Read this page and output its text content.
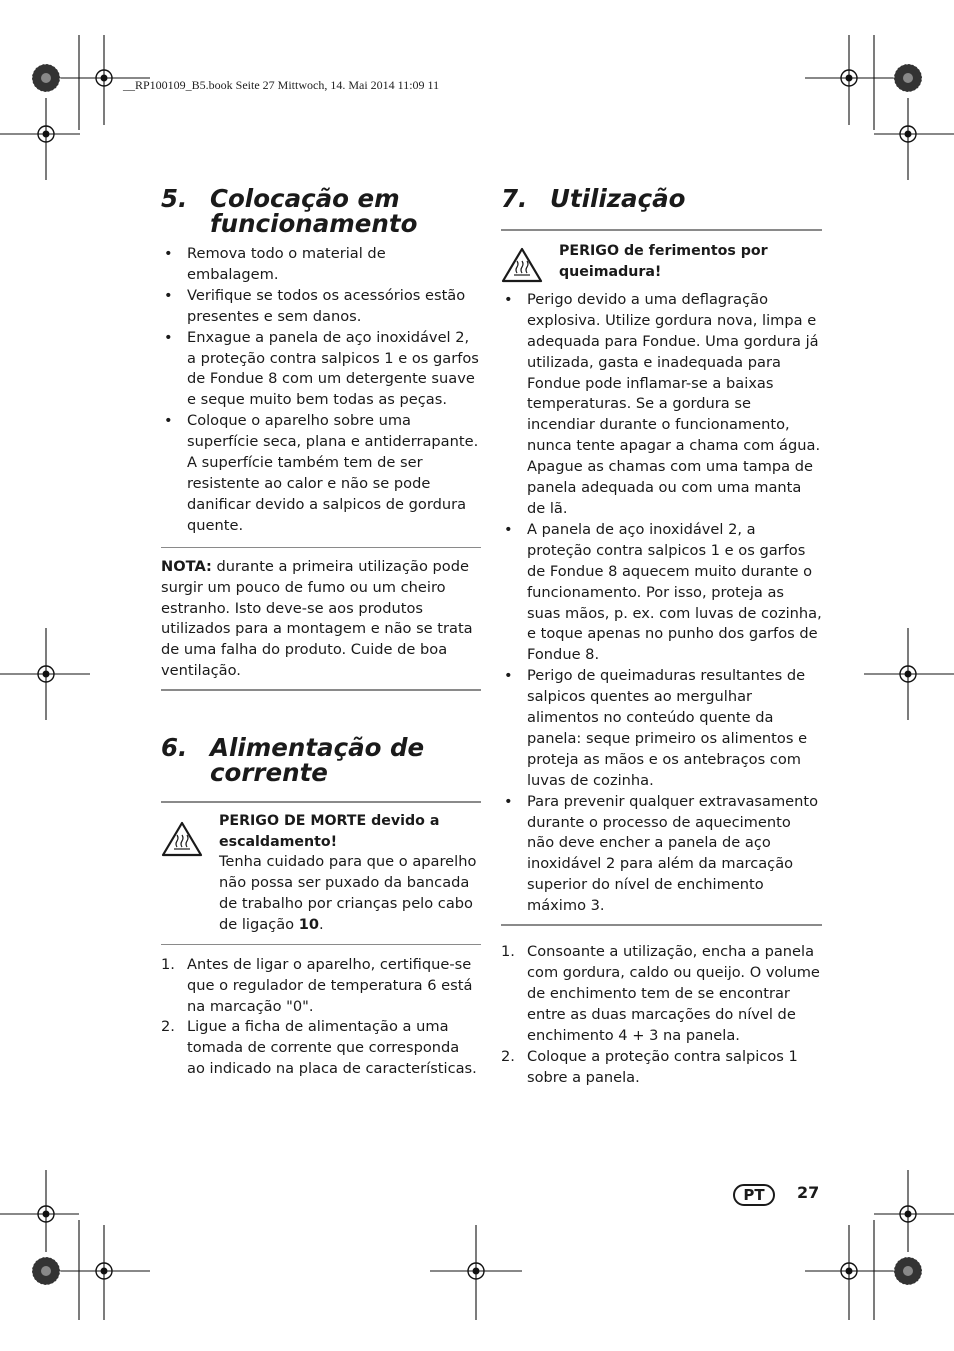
__RP100109_B5.book Seite 27 Mittwoch, 14. Mai 2014 11:09 11
5. Colocação em funcionamento
• Remova todo o material de embalagem.
• Verifique se todos os acessórios estão presentes e sem danos.
• Enxague a panela de aço inoxidável 2, a proteção contra salpicos 1 e os garfos de Fondue 8 com um detergente suave e seque muito bem todas as peças.
• Coloque o aparelho sobre uma superfície seca, plana e antiderrapante. A superfície também tem de ser resistente ao calor e não se pode danificar devido a salpicos de gordura quente.

NOTA: durante a primeira utilização pode surgir um pouco de fumo ou um cheiro estranho. Isto deve-se aos produtos utilizados para a montagem e não se trata de uma falha do produto. Cuide de boa ventilação.

6. Alimentação de corrente
PERIGO DE MORTE devido a escaldamento!
Tenha cuidado para que o aparelho não possa ser puxado da bancada de trabalho por crianças pelo cabo de ligação 10.
1. Antes de ligar o aparelho, certifique-se que o regulador de temperatura 6 está na marcação "0".
2. Ligue a ficha de alimentação a uma tomada de corrente que corresponda ao indicado na placa de características.
7. Utilização
PERIGO de ferimentos por queimadura!
• Perigo devido a uma deflagração explosiva. Utilize gordura nova, limpa e adequada para Fondue. Uma gordura já utilizada, gasta e inadequada para Fondue pode inflamar-se a baixas temperaturas. Se a gordura se incendiar durante o funcionamento, nunca tente apagar a chama com água. Apague as chamas com uma tampa de panela adequada ou com uma manta de lã.
• A panela de aço inoxidável 2, a proteção contra salpicos 1 e os garfos de Fondue 8 aquecem muito durante o funcionamento. Por isso, proteja as suas mãos, p. ex. com luvas de cozinha, e toque apenas no punho dos garfos de Fondue 8.
• Perigo de queimaduras resultantes de salpicos quentes ao mergulhar alimentos no conteúdo quente da panela: seque primeiro os alimentos e proteja as mãos e os antebraços com luvas de cozinha.
• Para prevenir qualquer extravasamento durante o processo de aquecimento não deve encher a panela de aço inoxidável 2 para além da marcação superior do nível de enchimento máximo 3.
1. Consoante a utilização, encha a panela com gordura, caldo ou queijo. O volume de enchimento tem de se encontrar entre as duas marcações do nível de enchimento 4 + 3 na panela.
2. Coloque a proteção contra salpicos 1 sobre a panela.
PT	27
